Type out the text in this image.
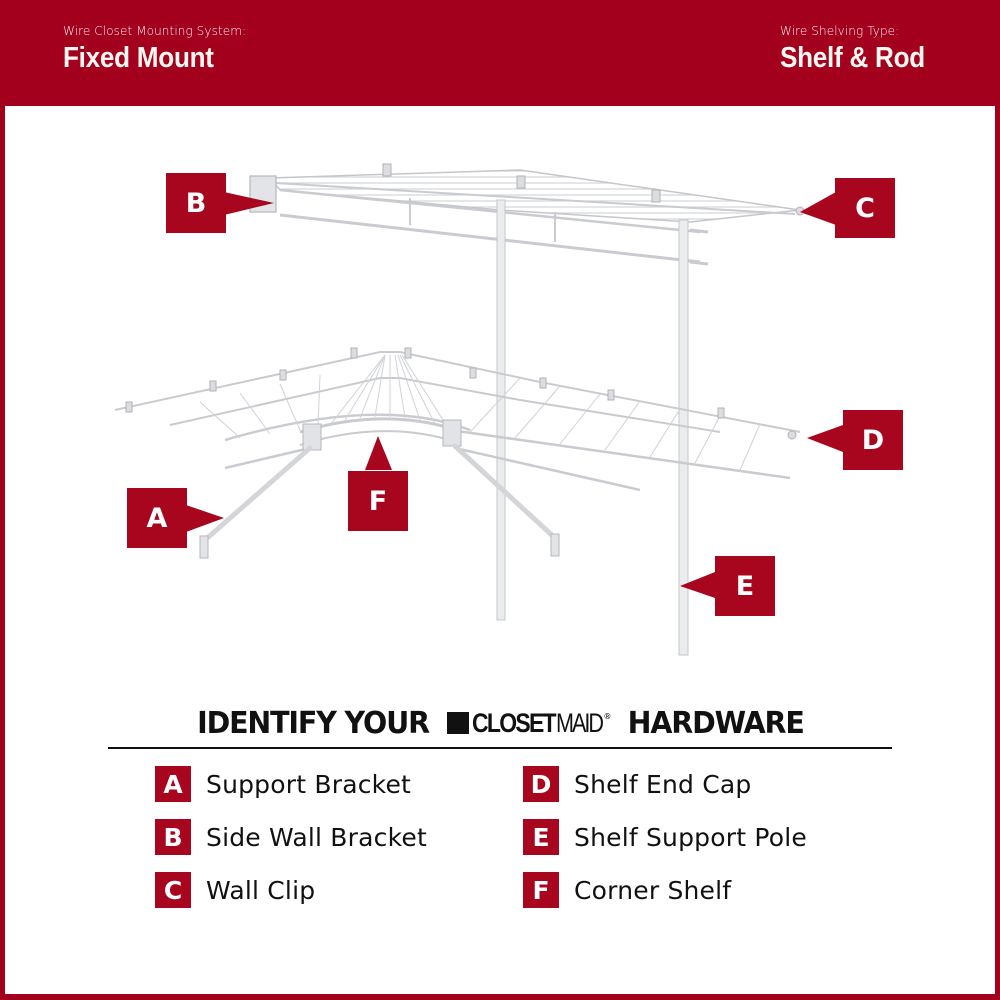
Wire Closet Mounting System:
Fixed Mount
Wire Shelving Type:
Shelf & Rod
B	C
D
A
F
E
IDENTIFY YOUR CLOSET MAID ® HARDWARE
A Support Bracket
B Side Wall Bracket
C Wall Clip
D Shelf End Cap
E Shelf Support Pole
F Corner Shelf
